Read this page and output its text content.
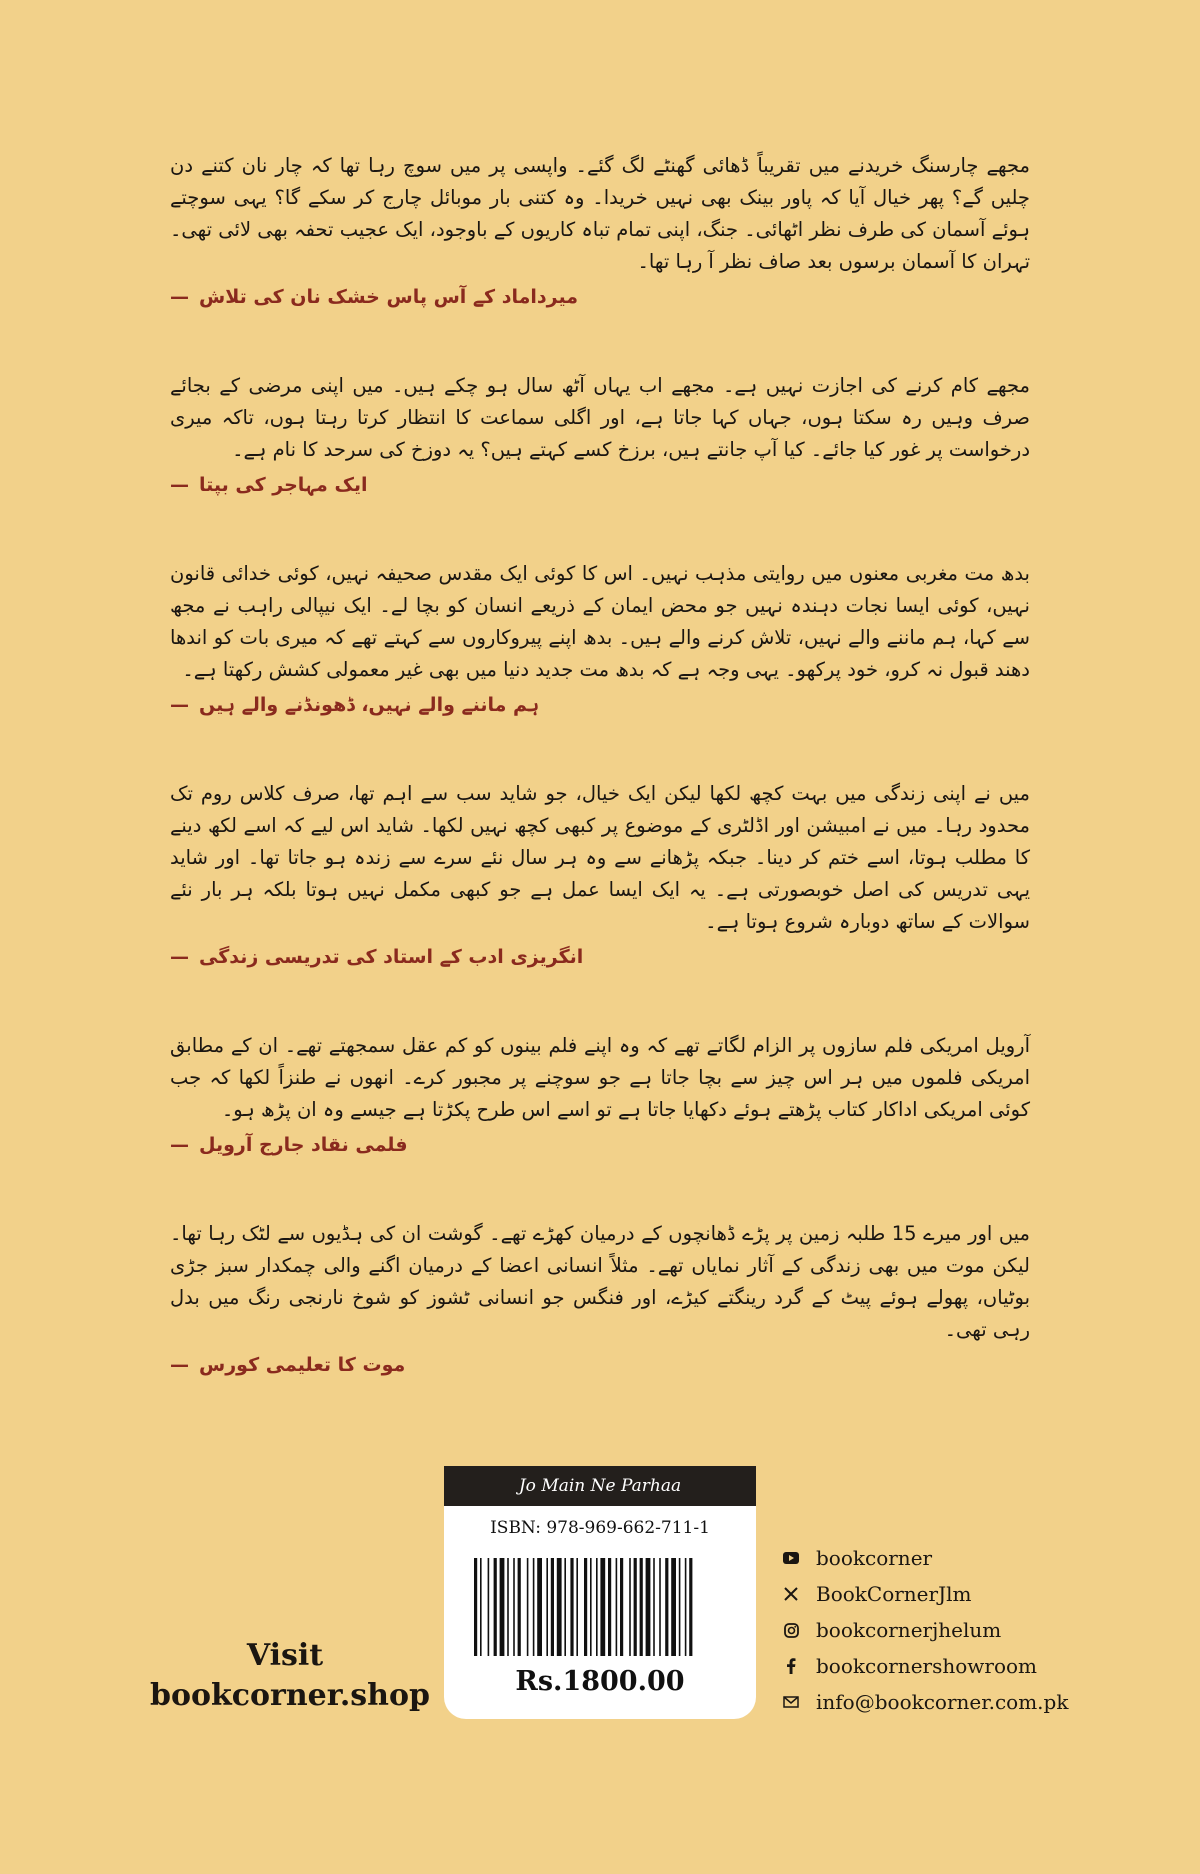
مجھے چارسنگ خریدنے میں تقریباً ڈھائی گھنٹے لگ گئے۔ واپسی پر میں سوچ رہا تھا کہ چار نان کتنے دن چلیں گے؟ پھر خیال آیا کہ پاور بینک بھی نہیں خریدا۔ وہ کتنی بار موبائل چارج کر سکے گا؟ یہی سوچتے ہوئے آسمان کی طرف نظر اٹھائی۔ جنگ، اپنی تمام تباہ کاریوں کے باوجود، ایک عجیب تحفہ بھی لائی تھی۔ تہران کا آسمان برسوں بعد صاف نظر آ رہا تھا۔

میرداماد کے آس پاس خشک نان کی تلاش—

مجھے کام کرنے کی اجازت نہیں ہے۔ مجھے اب یہاں آٹھ سال ہو چکے ہیں۔ میں اپنی مرضی کے بجائے صرف وہیں رہ سکتا ہوں، جہاں کہا جاتا ہے، اور اگلی سماعت کا انتظار کرتا رہتا ہوں، تاکہ میری درخواست پر غور کیا جائے۔ کیا آپ جانتے ہیں، برزخ کسے کہتے ہیں؟ یہ دوزخ کی سرحد کا نام ہے۔

ایک مہاجر کی بپتا—

بدھ مت مغربی معنوں میں روایتی مذہب نہیں۔ اس کا کوئی ایک مقدس صحیفہ نہیں، کوئی خدائی قانون نہیں، کوئی ایسا نجات دہندہ نہیں جو محض ایمان کے ذریعے انسان کو بچا لے۔ ایک نیپالی راہب نے مجھ سے کہا، ہم ماننے والے نہیں، تلاش کرنے والے ہیں۔ بدھ اپنے پیروکاروں سے کہتے تھے کہ میری بات کو اندھا دھند قبول نہ کرو، خود پرکھو۔ یہی وجہ ہے کہ بدھ مت جدید دنیا میں بھی غیر معمولی کشش رکھتا ہے۔

ہم ماننے والے نہیں، ڈھونڈنے والے ہیں—

میں نے اپنی زندگی میں بہت کچھ لکھا لیکن ایک خیال، جو شاید سب سے اہم تھا، صرف کلاس روم تک محدود رہا۔ میں نے امبیشن اور اڈلٹری کے موضوع پر کبھی کچھ نہیں لکھا۔ شاید اس لیے کہ اسے لکھ دینے کا مطلب ہوتا، اسے ختم کر دینا۔ جبکہ پڑھانے سے وہ ہر سال نئے سرے سے زندہ ہو جاتا تھا۔ اور شاید یہی تدریس کی اصل خوبصورتی ہے۔ یہ ایک ایسا عمل ہے جو کبھی مکمل نہیں ہوتا بلکہ ہر بار نئے سوالات کے ساتھ دوبارہ شروع ہوتا ہے۔

انگریزی ادب کے استاد کی تدریسی زندگی—

آرویل امریکی فلم سازوں پر الزام لگاتے تھے کہ وہ اپنے فلم بینوں کو کم عقل سمجھتے تھے۔ ان کے مطابق امریکی فلموں میں ہر اس چیز سے بچا جاتا ہے جو سوچنے پر مجبور کرے۔ انھوں نے طنزاً لکھا کہ جب کوئی امریکی اداکار کتاب پڑھتے ہوئے دکھایا جاتا ہے تو اسے اس طرح پکڑتا ہے جیسے وہ ان پڑھ ہو۔

فلمی نقاد جارج آرویل—

میں اور میرے 15 طلبہ زمین پر پڑے ڈھانچوں کے درمیان کھڑے تھے۔ گوشت ان کی ہڈیوں سے لٹک رہا تھا۔ لیکن موت میں بھی زندگی کے آثار نمایاں تھے۔ مثلاً انسانی اعضا کے درمیان اگنے والی چمکدار سبز جڑی بوٹیاں، پھولے ہوئے پیٹ کے گرد رینگتے کیڑے، اور فنگس جو انسانی ٹشوز کو شوخ نارنجی رنگ میں بدل رہی تھی۔

موت کا تعلیمی کورس—
Jo Main Ne Parhaa
ISBN: 978-969-662-711-1
Rs.1800.00
Visit
bookcorner.shop
bookcorner
BookCornerJlm
bookcornerjhelum
bookcornershowroom
info@bookcorner.com.pk
